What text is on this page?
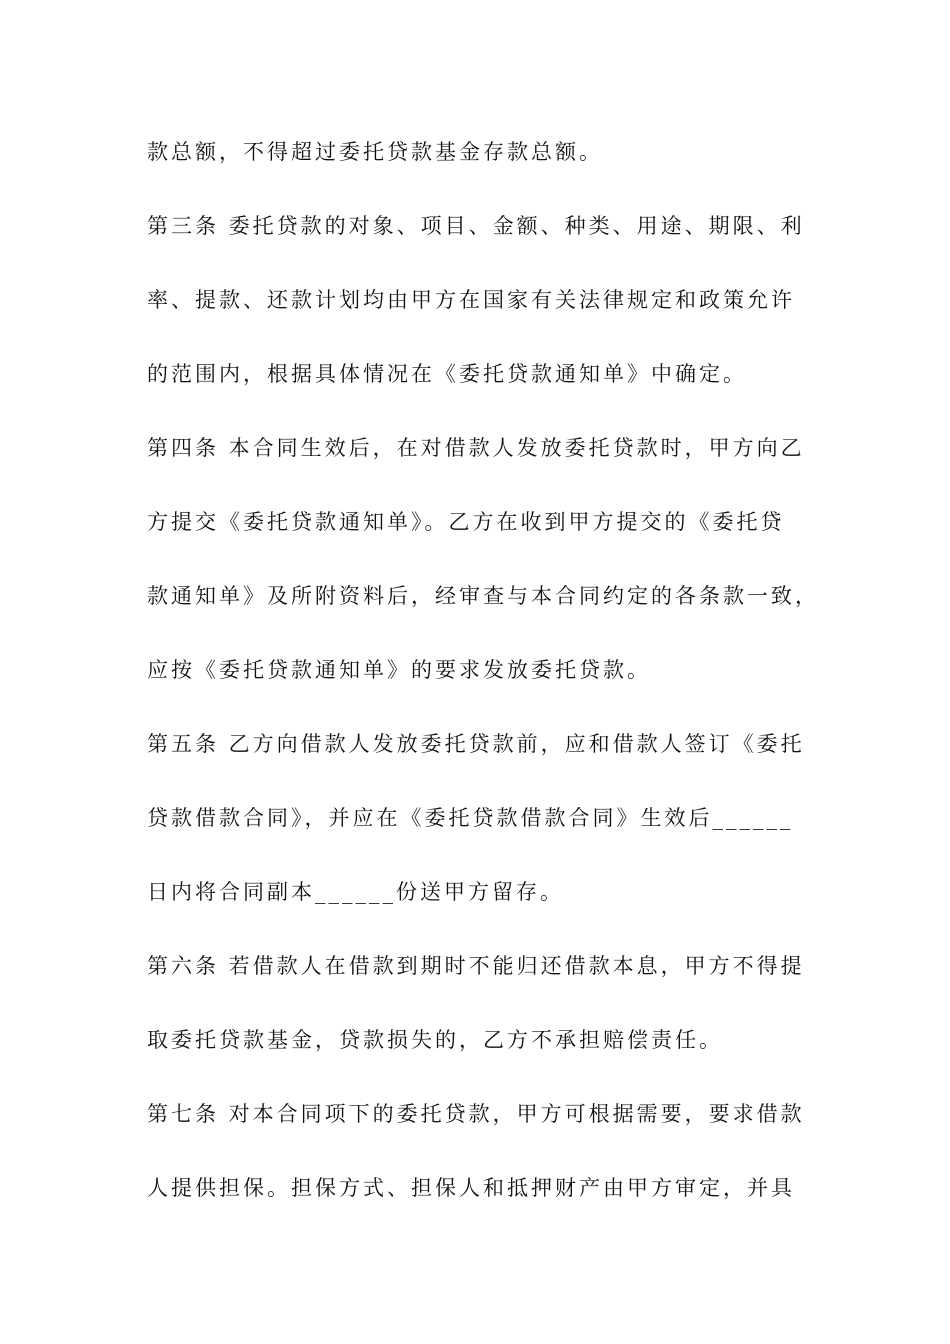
款总额，不得超过委托贷款基金存款总额。
第三条 委托贷款的对象、项目、金额、种类、用途、期限、利
率、提款、还款计划均由甲方在国家有关法律规定和政策允许
的范围内，根据具体情况在《委托贷款通知单》中确定。
第四条 本合同生效后，在对借款人发放委托贷款时，甲方向乙
方提交《委托贷款通知单》。乙方在收到甲方提交的《委托贷
款通知单》及所附资料后，经审查与本合同约定的各条款一致，
应按《委托贷款通知单》的要求发放委托贷款。
第五条 乙方向借款人发放委托贷款前，应和借款人签订《委托
贷款借款合同》，并应在《委托贷款借款合同》生效后______
日内将合同副本______份送甲方留存。
第六条 若借款人在借款到期时不能归还借款本息，甲方不得提
取委托贷款基金，贷款损失的，乙方不承担赔偿责任。
第七条 对本合同项下的委托贷款，甲方可根据需要，要求借款
人提供担保。担保方式、担保人和抵押财产由甲方审定，并具
